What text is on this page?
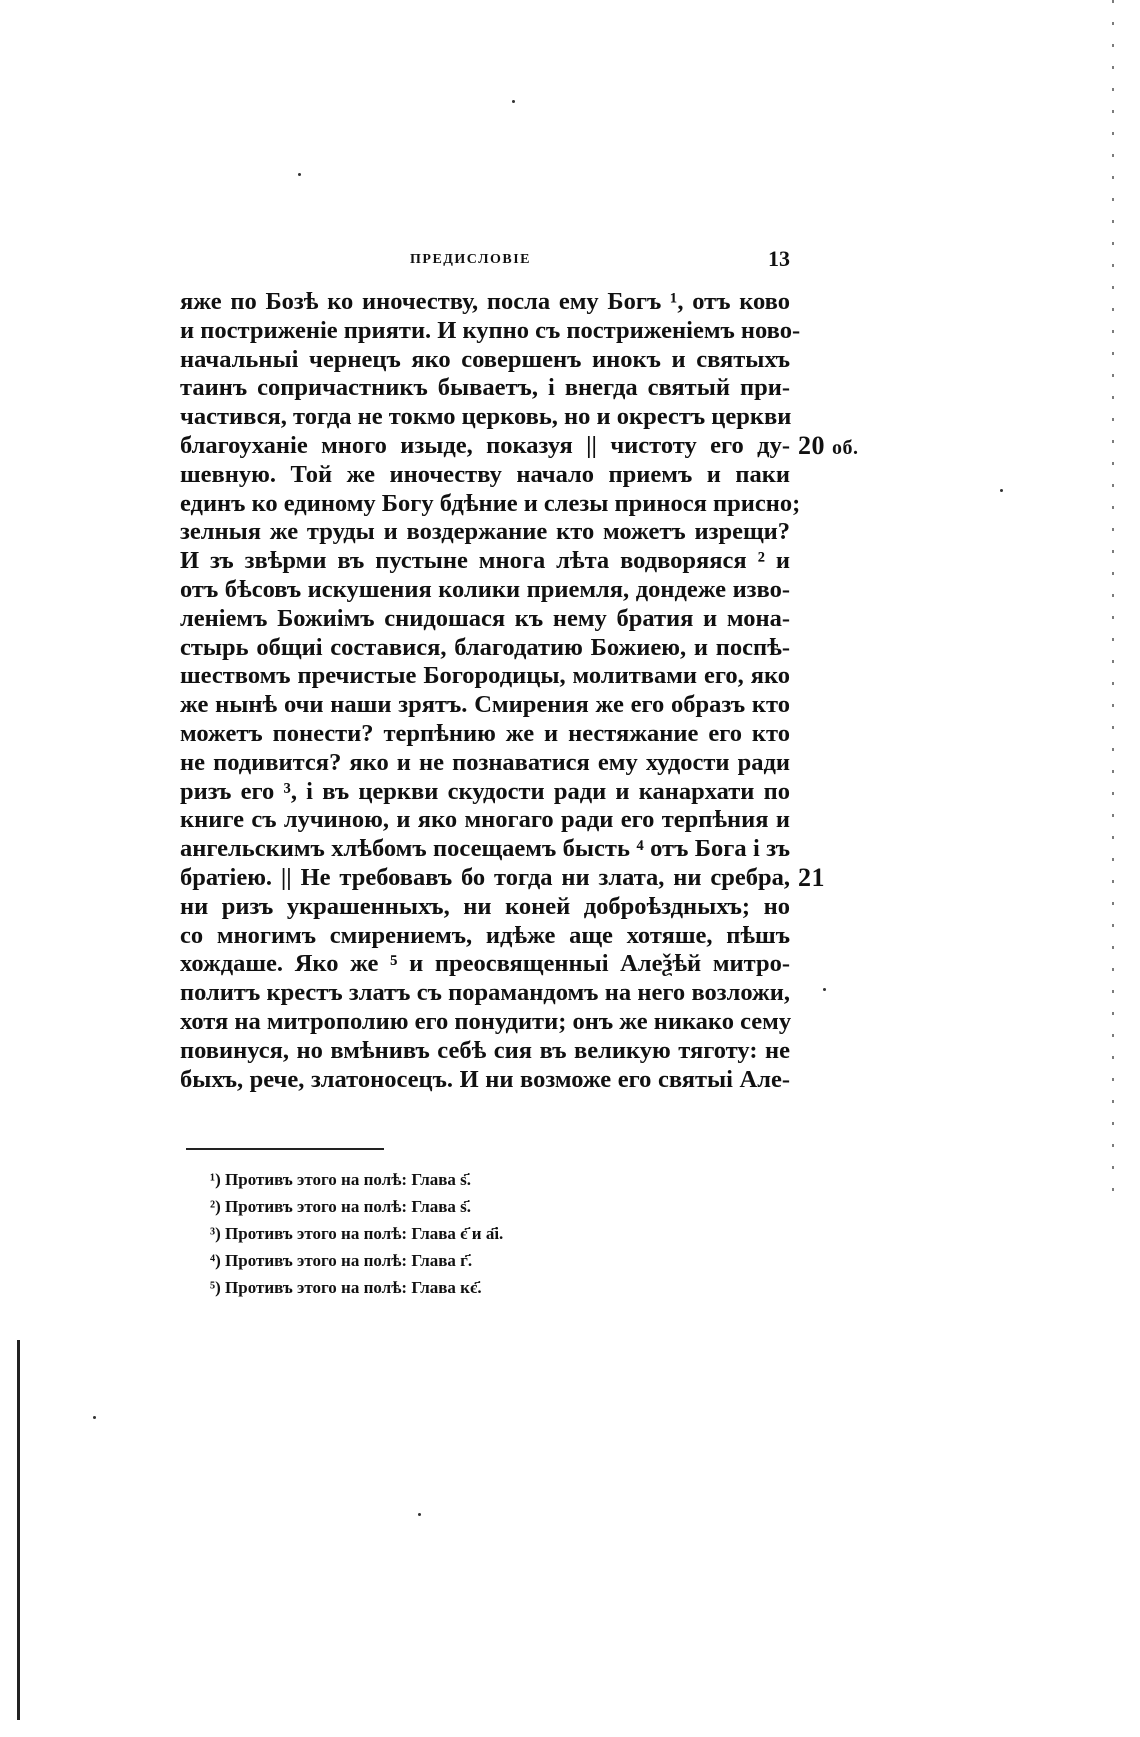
ПРЕДИСЛОВІЕ	13
яже по Бозѣ ко иночеству, посла ему Богъ ¹, отъ ково
и постриженіе прияти. И купно съ постриженіемъ ново-
начальныі чернецъ яко совершенъ инокъ и святыхъ
таинъ сопричастникъ бываетъ, і внегда святый при-
частився, тогда не токмо церковь, но и окрестъ церкви
благоуханіе много изыде, показуя || чистоту его ду- 20 об.
шевную. Той же иночеству начало приемъ и паки
единъ ко единому Богу бдѣние и слезы принося присно;
зелныя же труды и воздержание кто можетъ изрещи?
И зъ звѣрми въ пустыне многа лѣта водворяяся ² и
отъ бѣсовъ искушения колики приемля, дондеже изво-
леніемъ Божиімъ снидошася къ нему братия и мона-
стырь общиі составися, благодатию Божиею, и поспѣ-
шествомъ пречистые Богородицы, молитвами его, яко
же нынѣ очи наши зрятъ. Смирения же его образъ кто
можетъ понести? терпѣнию же и нестяжание его кто
не подивится? яко и не познаватися ему худости ради
ризъ его ³, і въ церкви скудости ради и канархати по
книге съ лучиною, и яко многаго ради его терпѣния и
ангельскимъ хлѣбомъ посещаемъ бысть ⁴ отъ Бога і зъ
братіею. || Не требовавъ бо тогда ни злата, ни сребра, 21
ни ризъ украшенныхъ, ни коней доброѣздныхъ; но
со многимъ смирениемъ, идѣже аще хотяше, пѣшъ
хождаше. Яко же ⁵ и преосвященныі Алеѯѣй митро-
политъ крестъ златъ съ порамандомъ на него возложи,
хотя на митрополию его понудити; онъ же никако сему
повинуся, но вмѣнивъ себѣ сия въ великую тяготу: не
быхъ, рече, златоносецъ. И ни возможе его святыі Але-
¹) Противъ этого на полѣ: Глава ѕ҃.
²) Противъ этого на полѣ: Глава ѕ҃.
³) Противъ этого на полѣ: Глава є҃ и а҃і.
⁴) Противъ этого на полѣ: Глава г҃.
⁵) Противъ этого на полѣ: Глава кє҃.
